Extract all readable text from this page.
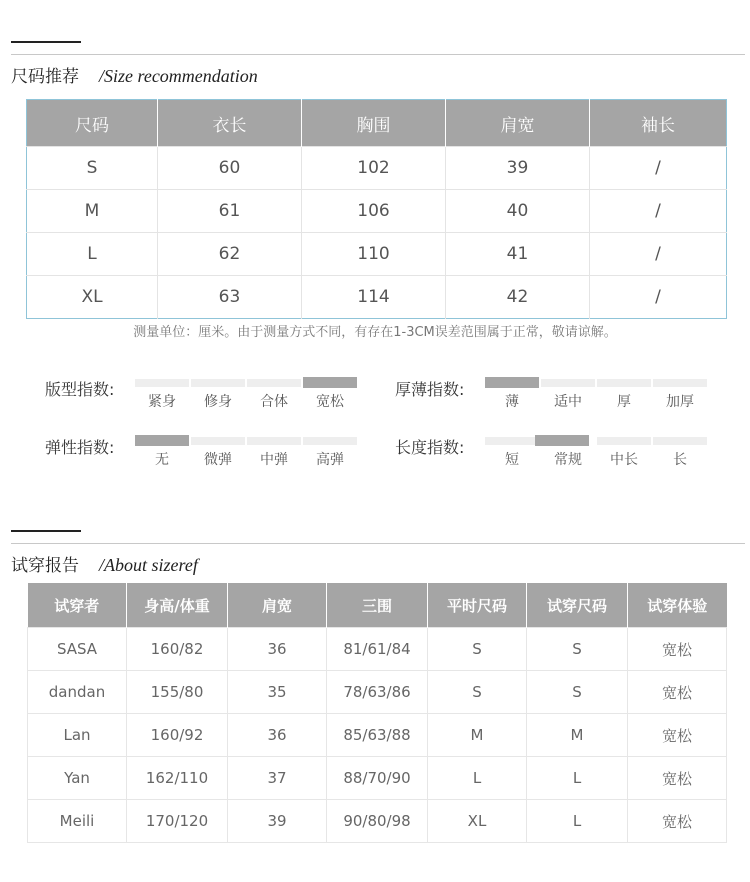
尺码推荐 /Size recommendation
尺码	衣长	胸围	肩宽	袖长
S	60	102	39	/
M	61	106	40	/
L	62	110	41	/
XL	63	114	42	/
测量单位：厘米。由于测量方式不同，有存在1-3CM误差范围属于正常，敬请谅解。
版型指数:
紧身	修身	合体	宽松
厚薄指数:
薄	适中	厚	加厚
弹性指数:
无	微弹	中弹	高弹
长度指数:
短	常规	中长	长
试穿报告 /About sizeref
试穿者	身高/体重	肩宽	三围	平时尺码	试穿尺码	试穿体验
SASA	160/82	36	81/61/84	S	S	宽松
dandan	155/80	35	78/63/86	S	S	宽松
Lan	160/92	36	85/63/88	M	M	宽松
Yan	162/110	37	88/70/90	L	L	宽松
Meili	170/120	39	90/80/98	XL	L	宽松
